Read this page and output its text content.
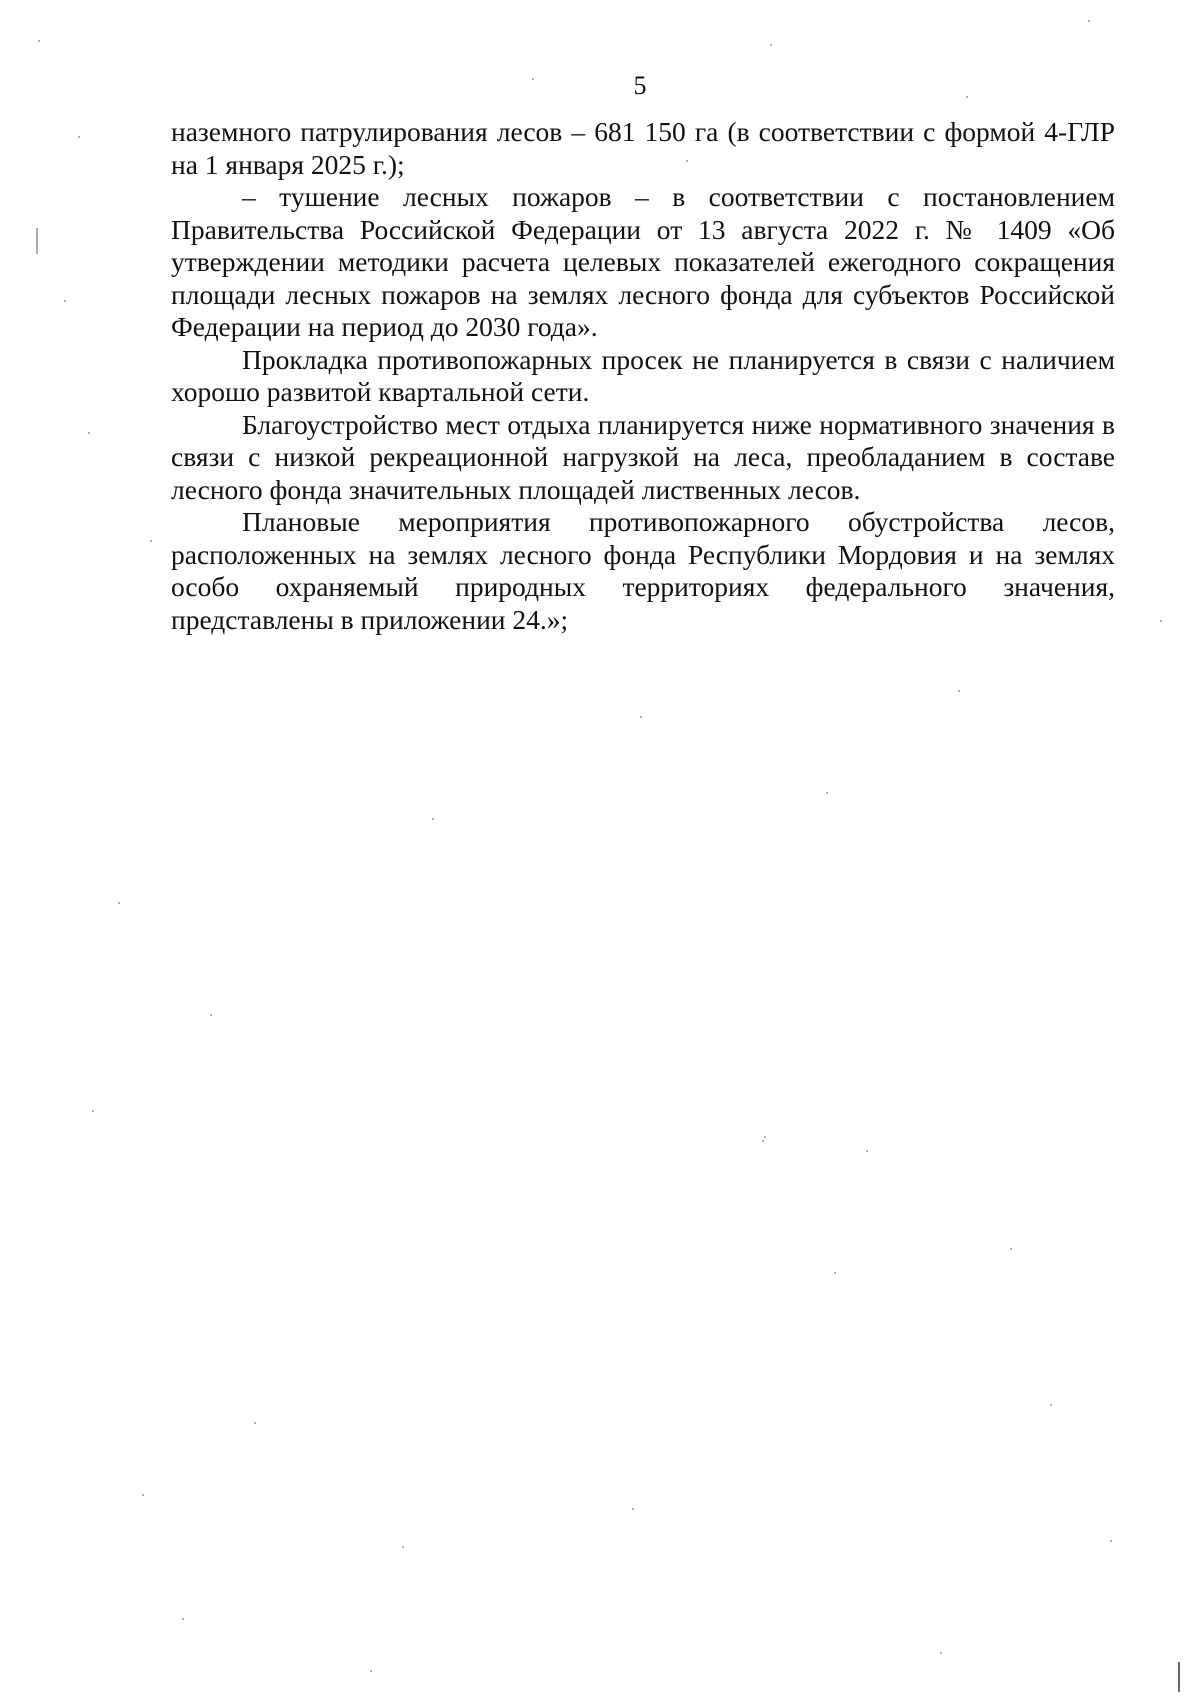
5

наземного патрулирования лесов – 681 150 га (в соответствии с формой 4-ГЛР на 1 января 2025 г.);

– тушение лесных пожаров – в соответствии с постановлением Правительства Российской Федерации от 13 августа 2022 г. № 1409 «Об утверждении методики расчета целевых показателей ежегодного сокращения площади лесных пожаров на землях лесного фонда для субъектов Российской Федерации на период до 2030 года».

Прокладка противопожарных просек не планируется в связи с наличием хорошо развитой квартальной сети.

Благоустройство мест отдыха планируется ниже нормативного значения в связи с низкой рекреационной нагрузкой на леса, преобладанием в составе лесного фонда значительных площадей лиственных лесов.

Плановые мероприятия противопожарного обустройства лесов, расположенных на землях лесного фонда Республики Мордовия и на землях особо охраняемый природных территориях федерального значения, представлены в приложении 24.»;
